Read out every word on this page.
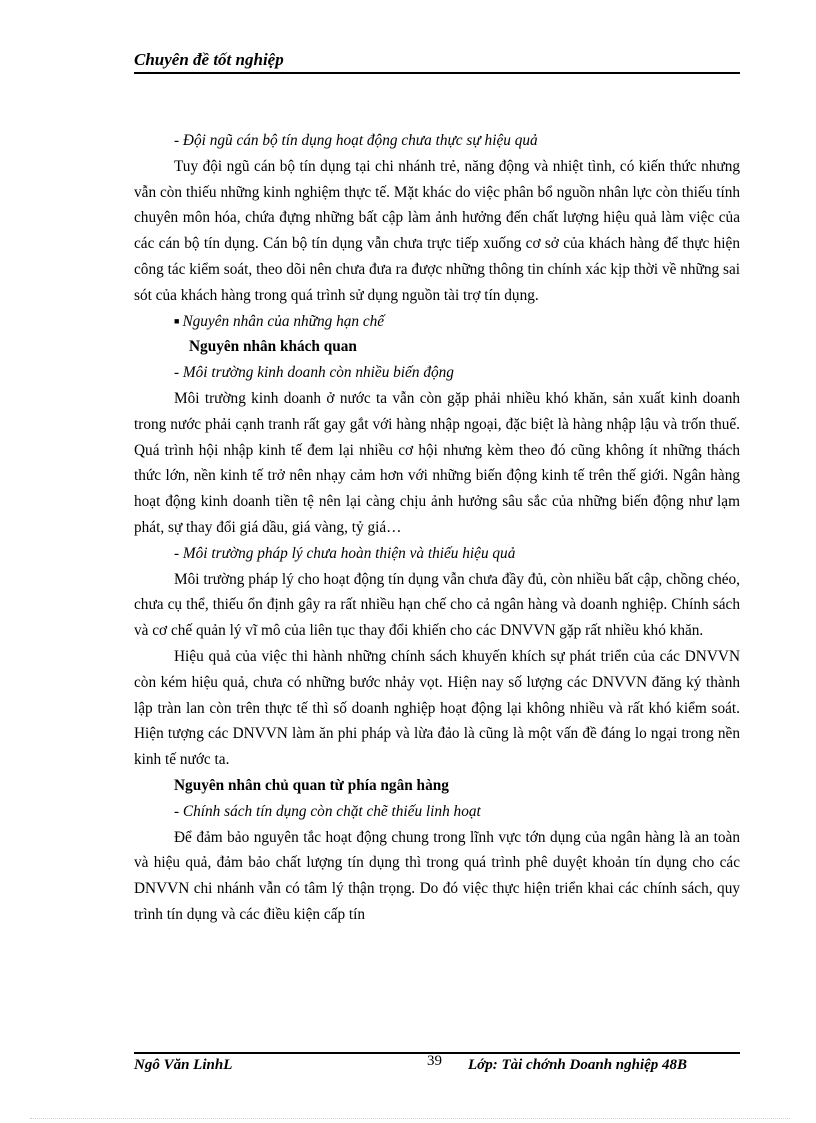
Chuyên đề tốt nghiệp

- Đội ngũ cán bộ tín dụng hoạt động chưa thực sự hiệu quả

Tuy đội ngũ cán bộ tín dụng tại chi nhánh trẻ, năng động và nhiệt tình, có kiến thức nhưng vẫn còn thiếu những kinh nghiệm thực tế. Mặt khác do việc phân bổ nguồn nhân lực còn thiếu tính chuyên môn hóa, chứa đựng những bất cập làm ảnh hưởng đến chất lượng hiệu quả làm việc của các cán bộ tín dụng. Cán bộ tín dụng vẫn chưa trực tiếp xuống cơ sở của khách hàng để thực hiện công tác kiểm soát, theo dõi nên chưa đưa ra được những thông tin chính xác kịp thời về những sai sót của khách hàng trong quá trình sử dụng nguồn tài trợ tín dụng.

■ Nguyên nhân của những hạn chế

Nguyên nhân khách quan

- Môi trường kinh doanh còn nhiều biến động

Môi trường kinh doanh ở nước ta vẫn còn gặp phải nhiều khó khăn, sản xuất kinh doanh trong nước phải cạnh tranh rất gay gắt với hàng nhập ngoại, đặc biệt là hàng nhập lậu và trốn thuế. Quá trình hội nhập kinh tế đem lại nhiều cơ hội nhưng kèm theo đó cũng không ít những thách thức lớn, nền kinh tế trở nên nhạy cảm hơn với những biến động kinh tế trên thế giới. Ngân hàng hoạt động kinh doanh tiền tệ nên lại càng chịu ảnh hưởng sâu sắc của những biến động như lạm phát, sự thay đổi giá dầu, giá vàng, tỷ giá…

- Môi trường pháp lý chưa hoàn thiện và thiếu hiệu quả

Môi trường pháp lý cho hoạt động tín dụng vẫn chưa đầy đủ, còn nhiều bất cập, chồng chéo, chưa cụ thể, thiếu ổn định gây ra rất nhiều hạn chế cho cả ngân hàng và doanh nghiệp. Chính sách và cơ chế quản lý vĩ mô của liên tục thay đổi khiến cho các DNVVN gặp rất nhiều khó khăn.

Hiệu quả của việc thi hành những chính sách khuyến khích sự phát triển của các DNVVN còn kém hiệu quả, chưa có những bước nhảy vọt. Hiện nay số lượng các DNVVN đăng ký thành lập tràn lan còn trên thực tế thì số doanh nghiệp hoạt động lại không nhiều và rất khó kiểm soát. Hiện tượng các DNVVN làm ăn phi pháp và lừa đảo là cũng là một vấn đề đáng lo ngại trong nền kinh tế nước ta.

Nguyên nhân chủ quan từ phía ngân hàng

- Chính sách tín dụng còn chặt chẽ thiếu linh hoạt

Để đảm bảo nguyên tắc hoạt động chung trong lĩnh vực tớn dụng của ngân hàng là an toàn và hiệu quả, đảm bảo chất lượng tín dụng thì trong quá trình phê duyệt khoản tín dụng cho các DNVVN chi nhánh vẫn có tâm lý thận trọng. Do đó việc thực hiện triển khai các chính sách, quy trình tín dụng và các điều kiện cấp tín

Ngô Văn LinhL	39 Lớp: Tài chớnh Doanh nghiệp 48B
